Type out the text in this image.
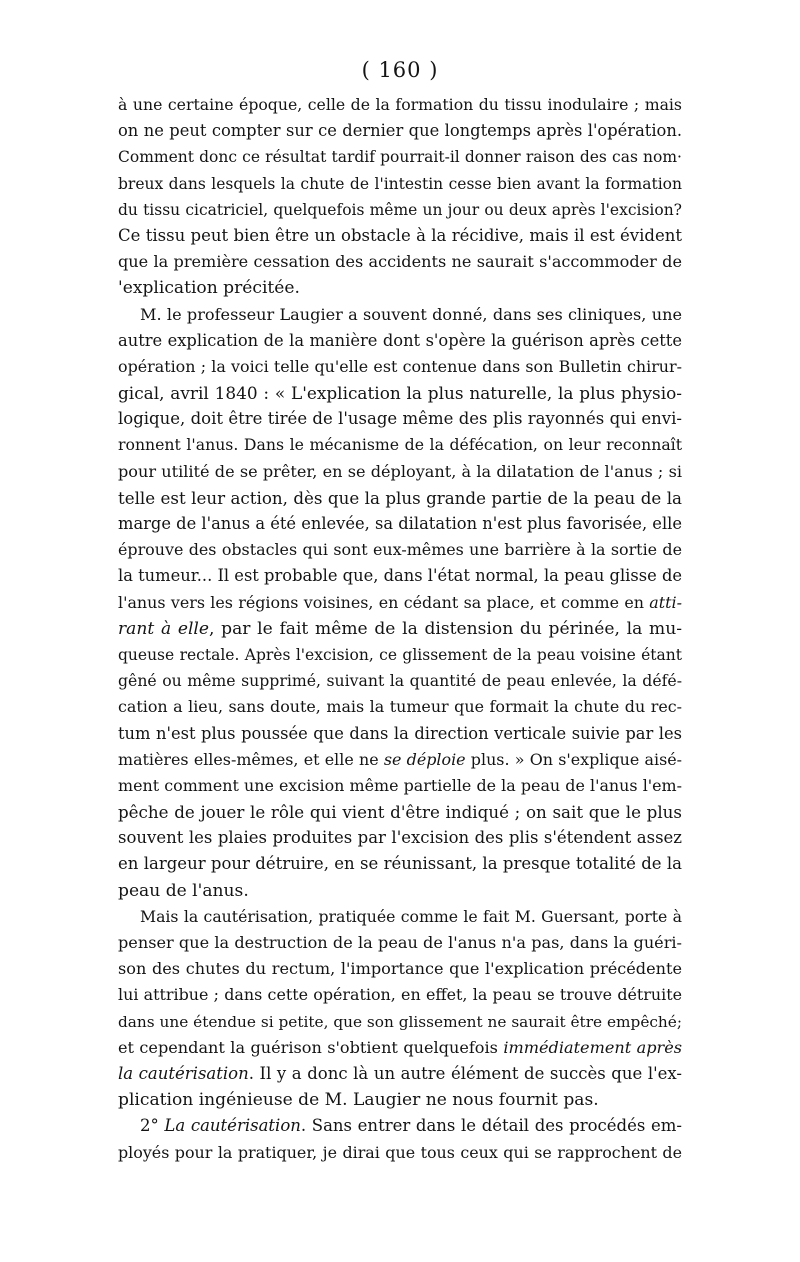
( 160 )
à une certaine époque, celle de la formation du tissu inodulaire ; mais
on ne peut compter sur ce dernier que longtemps après l'opération.
Comment donc ce résultat tardif pourrait-il donner raison des cas nom·
breux dans lesquels la chute de l'intestin cesse bien avant la formation
du tissu cicatriciel, quelquefois même un jour ou deux après l'excision?
Ce tissu peut bien être un obstacle à la récidive, mais il est évident
que la première cessation des accidents ne saurait s'accommoder de
'explication précitée.
M. le professeur Laugier a souvent donné, dans ses cliniques, une
autre explication de la manière dont s'opère la guérison après cette
opération ; la voici telle qu'elle est contenue dans son Bulletin chirur-
gical, avril 1840 : « L'explication la plus naturelle, la plus physio-
logique, doit être tirée de l'usage même des plis rayonnés qui envi-
ronnent l'anus. Dans le mécanisme de la défécation, on leur reconnaît
pour utilité de se prêter, en se déployant, à la dilatation de l'anus ; si
telle est leur action, dès que la plus grande partie de la peau de la
marge de l'anus a été enlevée, sa dilatation n'est plus favorisée, elle
éprouve des obstacles qui sont eux-mêmes une barrière à la sortie de
la tumeur... Il est probable que, dans l'état normal, la peau glisse de
l'anus vers les régions voisines, en cédant sa place, et comme en atti-
rant à elle, par le fait même de la distension du périnée, la mu-
queuse rectale. Après l'excision, ce glissement de la peau voisine étant
gêné ou même supprimé, suivant la quantité de peau enlevée, la défé-
cation a lieu, sans doute, mais la tumeur que formait la chute du rec-
tum n'est plus poussée que dans la direction verticale suivie par les
matières elles-mêmes, et elle ne se déploie plus. » On s'explique aisé-
ment comment une excision même partielle de la peau de l'anus l'em-
pêche de jouer le rôle qui vient d'être indiqué ; on sait que le plus
souvent les plaies produites par l'excision des plis s'étendent assez
en largeur pour détruire, en se réunissant, la presque totalité de la
peau de l'anus.
Mais la cautérisation, pratiquée comme le fait M. Guersant, porte à
penser que la destruction de la peau de l'anus n'a pas, dans la guéri-
son des chutes du rectum, l'importance que l'explication précédente
lui attribue ; dans cette opération, en effet, la peau se trouve détruite
dans une étendue si petite, que son glissement ne saurait être empêché;
et cependant la guérison s'obtient quelquefois immédiatement après
la cautérisation. Il y a donc là un autre élément de succès que l'ex-
plication ingénieuse de M. Laugier ne nous fournit pas.
2° La cautérisation. Sans entrer dans le détail des procédés em-
ployés pour la pratiquer, je dirai que tous ceux qui se rapprochent de
